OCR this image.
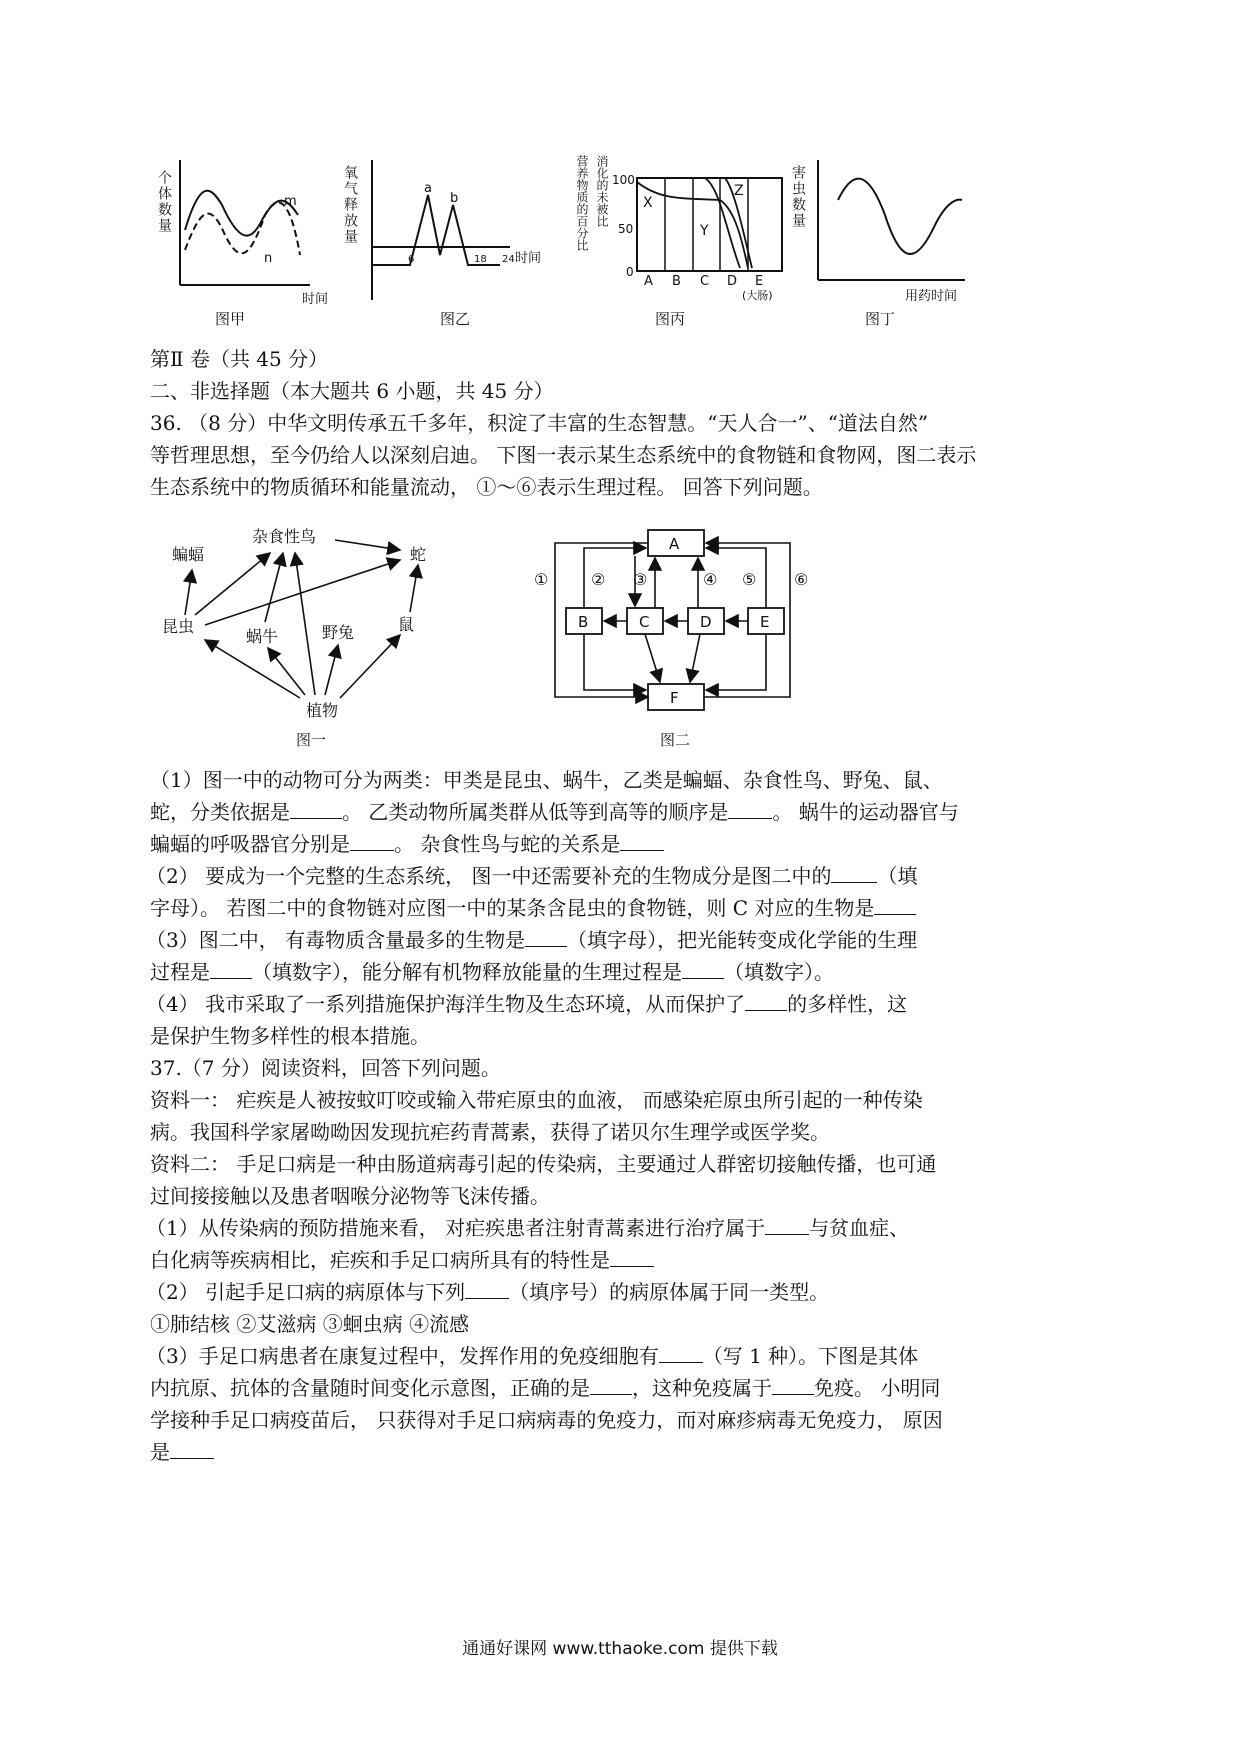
个体数量	m
n
时间
图甲
氧气释放量	a
b
6	18 24 时间
图乙
营养物质的百分比 消化的未被比 100
50
0
X
Y
Z
A B C D E
(大肠)
图丙
害虫数量
用药时间
图丁
第Ⅱ 卷（共 45 分）
二、非选择题（本大题共 6 小题，共 45 分）
36. （8 分）中华文明传承五千多年，积淀了丰富的生态智慧。“天人合一”、“道法自然”
等哲理思想，至今仍给人以深刻启迪。 下图一表示某生态系统中的食物链和食物网，图二表示
生态系统中的物质循环和能量流动， ①～⑥表示生理过程。 回答下列问题。
蝙蝠
杂食性鸟
蛇
昆虫
蜗牛	野兔	鼠
植物
图一
A
B	C	D	E
F
①	② ③	④ ⑤ ⑥
图二
（1）图一中的动物可分为两类：甲类是昆虫、蜗牛，乙类是蝙蝠、杂食性鸟、野兔、鼠、
蛇，分类依据是	。 乙类动物所属类群从低等到高等的顺序是 。 蜗牛的运动器官与
蝙蝠的呼吸器官分别是 。 杂食性鸟与蛇的关系是
（2） 要成为一个完整的生态系统， 图一中还需要补充的生物成分是图二中的 （填
字母）。 若图二中的食物链对应图一中的某条含昆虫的食物链，则 C 对应的生物是
（3）图二中， 有毒物质含量最多的生物是 （填字母），把光能转变成化学能的生理
过程是 （填数字），能分解有机物释放能量的生理过程是 （填数字）。
（4） 我市采取了一系列措施保护海洋生物及生态环境，从而保护了 的多样性，这
是保护生物多样性的根本措施。
37.（7 分）阅读资料，回答下列问题。
资料一： 疟疾是人被按蚊叮咬或输入带疟原虫的血液， 而感染疟原虫所引起的一种传染
病。我国科学家屠呦呦因发现抗疟药青蒿素，获得了诺贝尔生理学或医学奖。
资料二： 手足口病是一种由肠道病毒引起的传染病，主要通过人群密切接触传播，也可通
过间接接触以及患者咽喉分泌物等飞沫传播。
（1）从传染病的预防措施来看， 对疟疾患者注射青蒿素进行治疗属于 与贫血症、
白化病等疾病相比，疟疾和手足口病所具有的特性是
（2） 引起手足口病的病原体与下列 （填序号）的病原体属于同一类型。
①肺结核 ②艾滋病 ③蛔虫病 ④流感
（3）手足口病患者在康复过程中，发挥作用的免疫细胞有 （写 1 种）。下图是其体
内抗原、抗体的含量随时间变化示意图，正确的是 ，这种免疫属于 免疫。 小明同
学接种手足口病疫苗后， 只获得对手足口病病毒的免疫力，而对麻疹病毒无免疫力， 原因
是
通通好课网 www.tthaoke.com 提供下载
